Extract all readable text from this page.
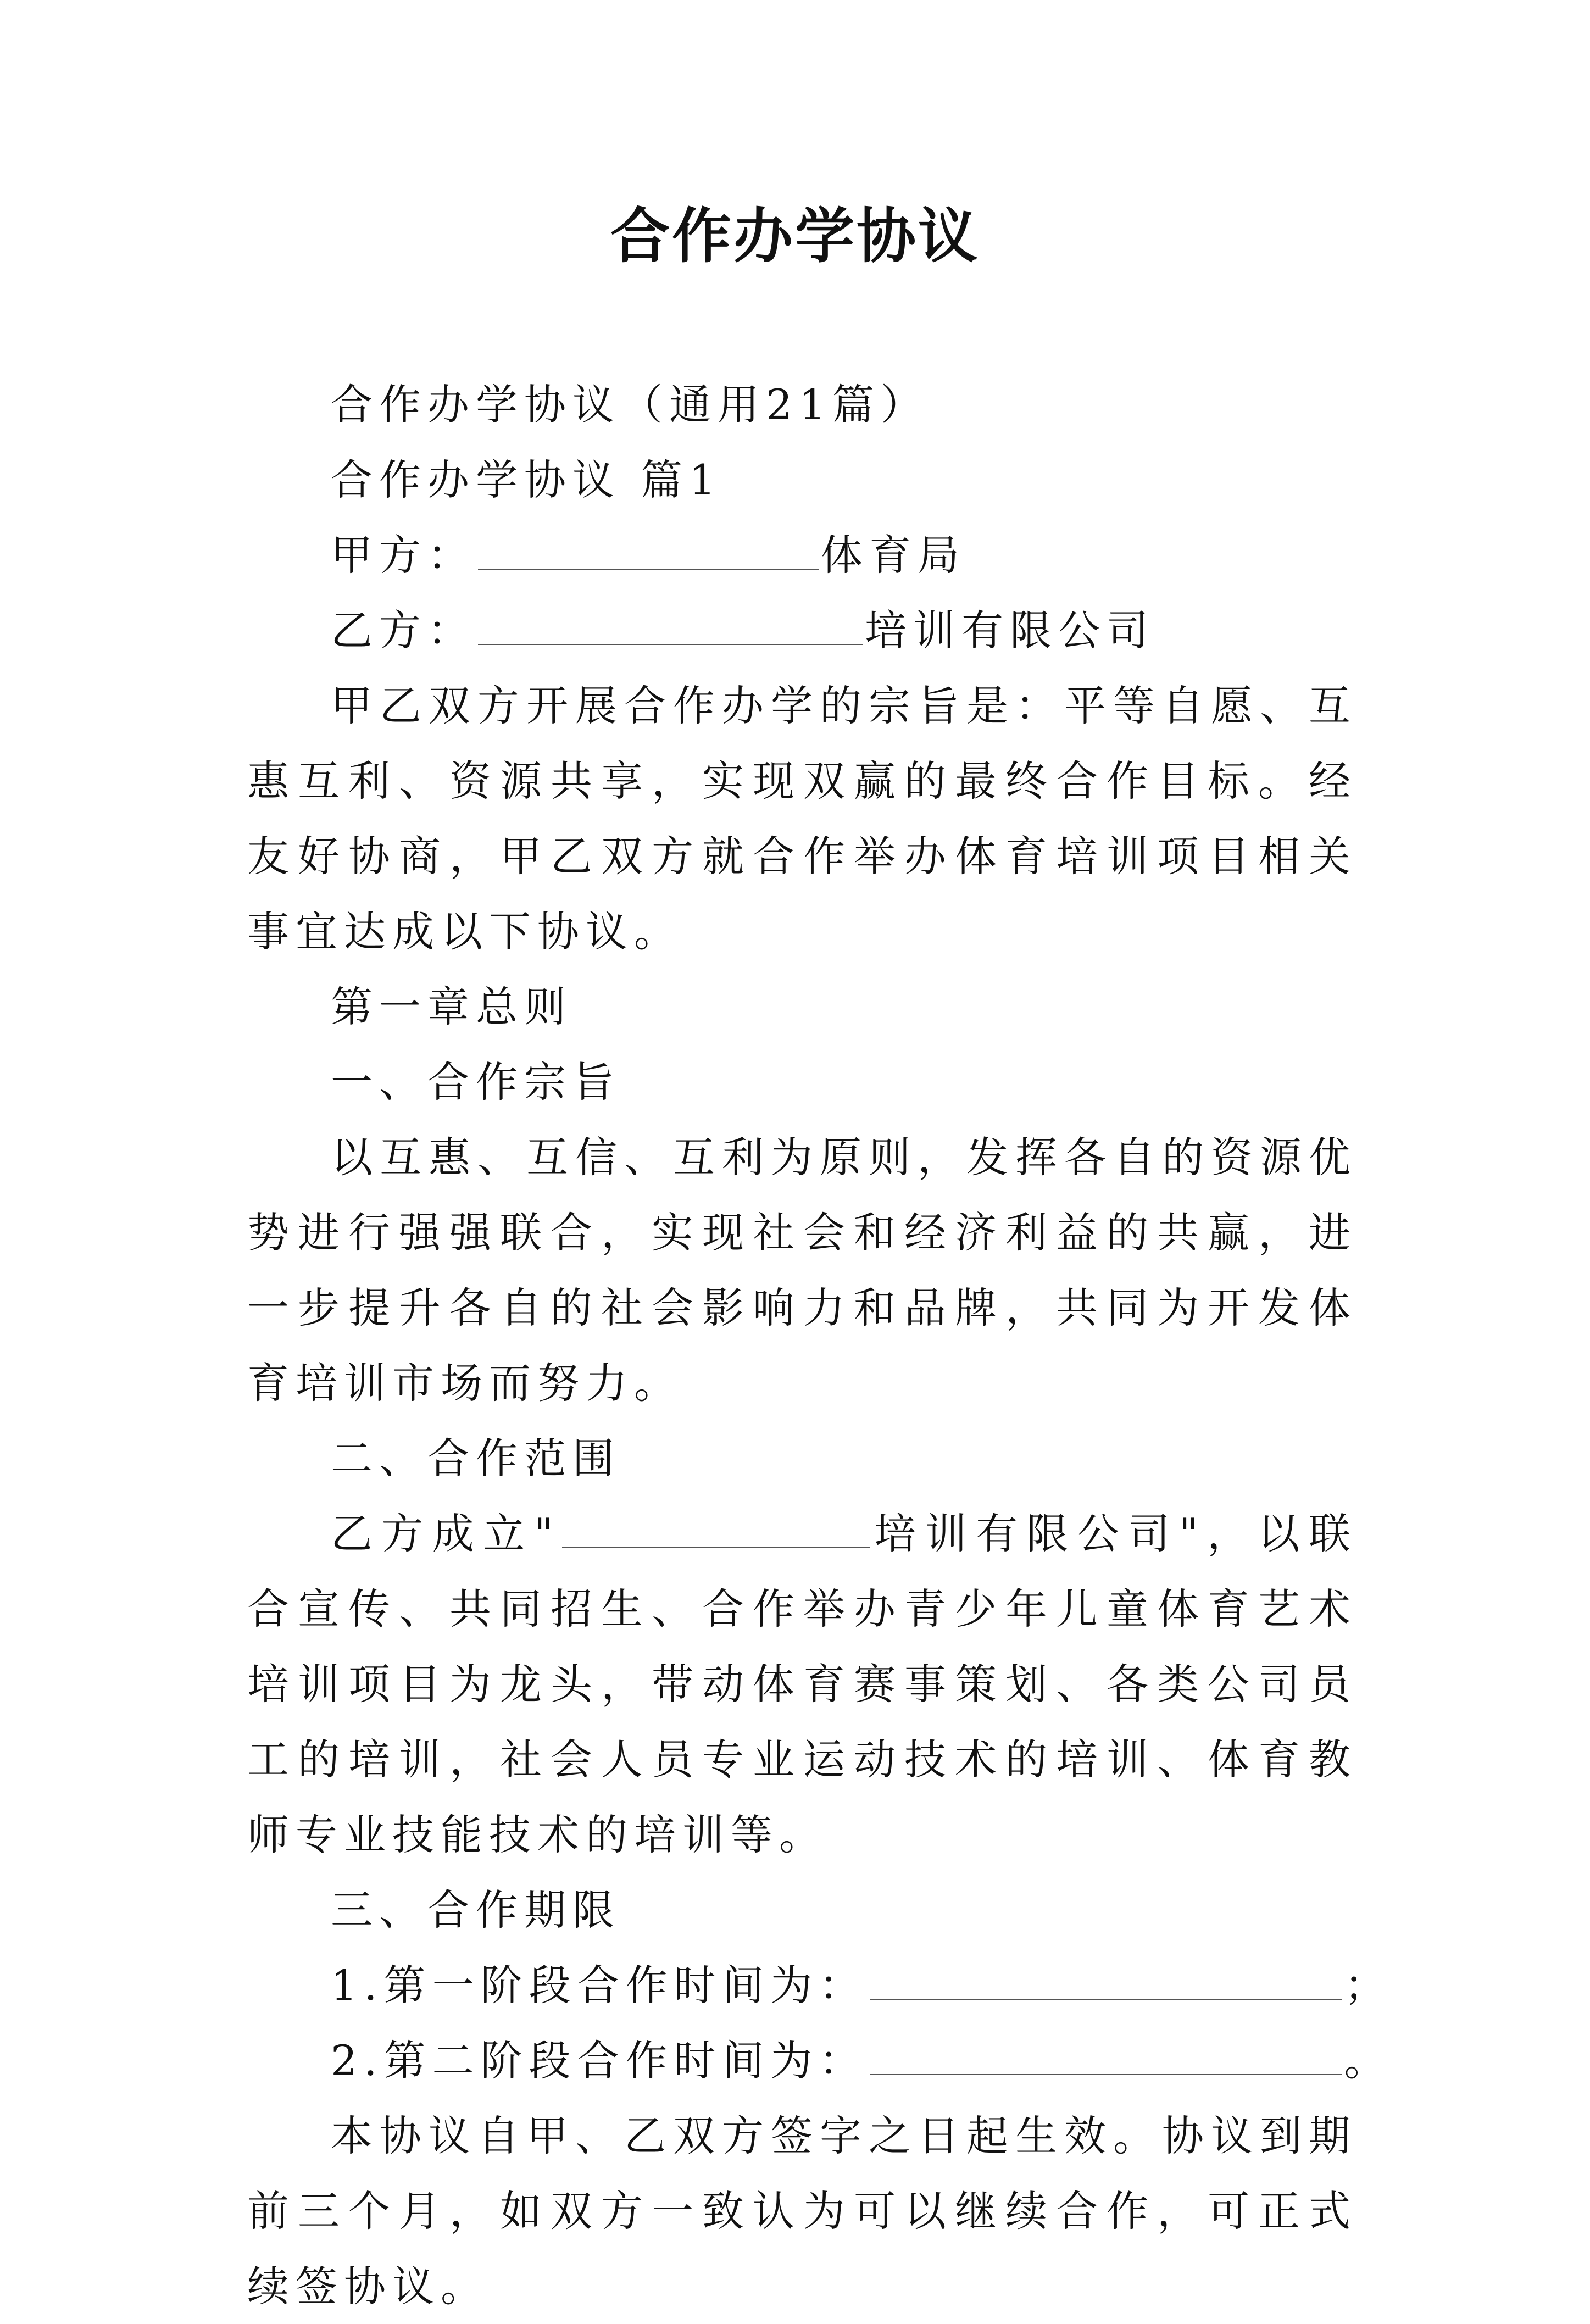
合作办学协议
合作办学协议（通用21篇）
合作办学协议 篇1
甲方：	体育局
乙方：	培训有限公司

甲乙双方开展合作办学的宗旨是：平等自愿、互惠互利、资源共享，实现双赢的最终合作目标。经友好协商，甲乙双方就合作举办体育培训项目相关事宜达成以下协议。

第一章总则
一、合作宗旨

以互惠、互信、互利为原则，发挥各自的资源优势进行强强联合，实现社会和经济利益的共赢，进一步提升各自的社会影响力和品牌，共同为开发体育培训市场而努力。

二、合作范围

乙方成立"	培训有限公司"，以联合宣传、共同招生、合作举办青少年儿童体育艺术培训项目为龙头，带动体育赛事策划、各类公司员工的培训，社会人员专业运动技术的培训、体育教师专业技能技术的培训等。

三、合作期限
1.第一阶段合作时间为：	；
2.第二阶段合作时间为：	。

本协议自甲、乙双方签字之日起生效。协议到期前三个月，如双方一致认为可以继续合作，可正式续签协议。
